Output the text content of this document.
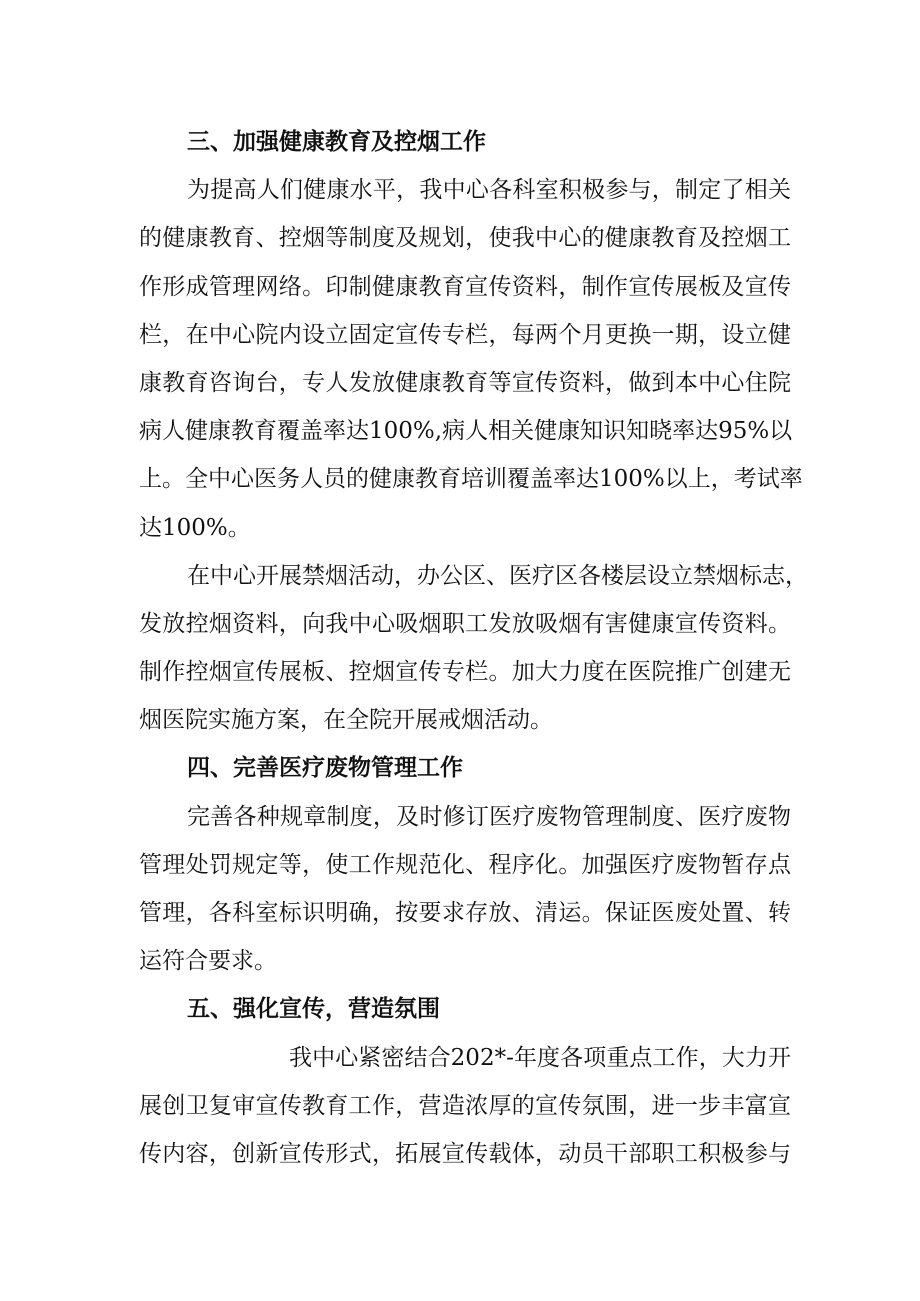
三、加强健康教育及控烟工作
为提高人们健康水平，我中心各科室积极参与，制定了相关
的健康教育、控烟等制度及规划，使我中心的健康教育及控烟工
作形成管理网络。印制健康教育宣传资料，制作宣传展板及宣传
栏，在中心院内设立固定宣传专栏，每两个月更换一期，设立健
康教育咨询台，专人发放健康教育等宣传资料，做到本中心住院
病人健康教育覆盖率达100%,病人相关健康知识知晓率达95%以
上。全中心医务人员的健康教育培训覆盖率达100%以上，考试率
达100%。
在中心开展禁烟活动，办公区、医疗区各楼层设立禁烟标志，
发放控烟资料，向我中心吸烟职工发放吸烟有害健康宣传资料。
制作控烟宣传展板、控烟宣传专栏。加大力度在医院推广创建无
烟医院实施方案，在全院开展戒烟活动。
四、完善医疗废物管理工作
完善各种规章制度，及时修订医疗废物管理制度、医疗废物
管理处罚规定等，使工作规范化、程序化。加强医疗废物暂存点
管理，各科室标识明确，按要求存放、清运。保证医废处置、转
运符合要求。
五、强化宣传，营造氛围
我中心紧密结合202*-年度各项重点工作，大力开
展创卫复审宣传教育工作，营造浓厚的宣传氛围，进一步丰富宣
传内容，创新宣传形式，拓展宣传载体，动员干部职工积极参与
